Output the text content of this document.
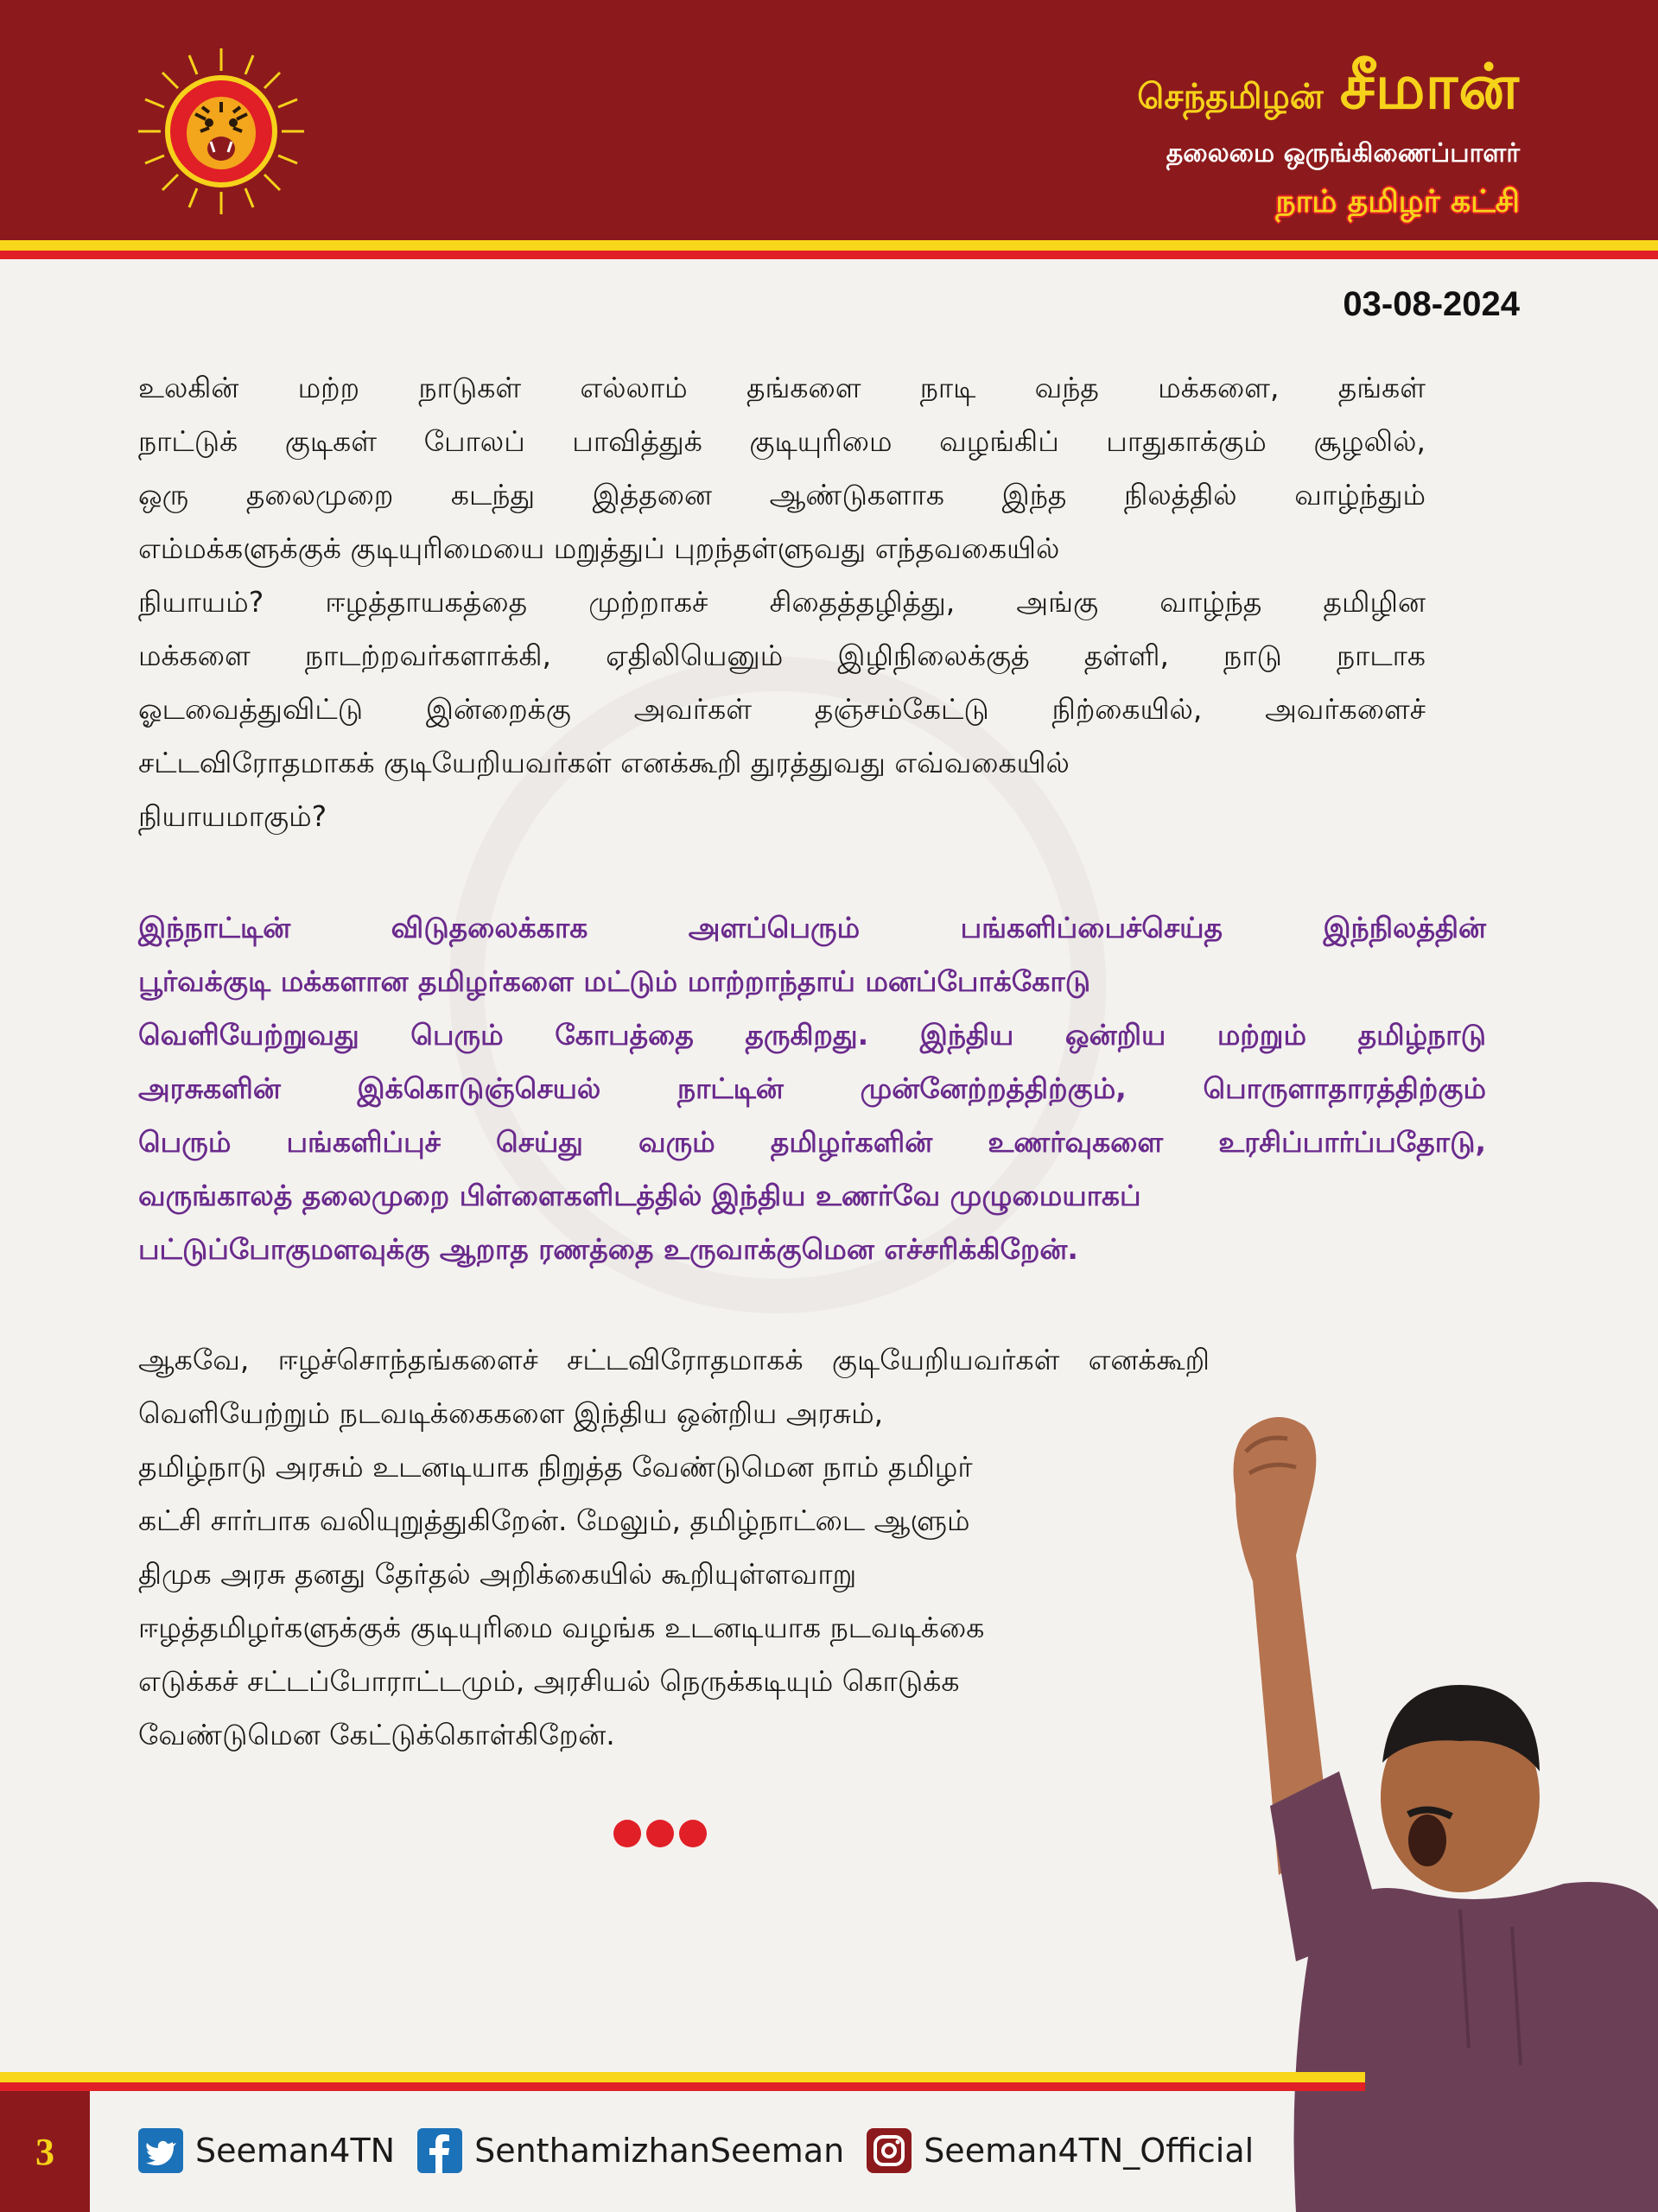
செந்தமிழன் சீமான்
தலைமை ஒருங்கிணைப்பாளர்
நாம் தமிழர் கட்சி
03-08-2024
உலகின் மற்ற நாடுகள் எல்லாம் தங்களை நாடி வந்த மக்களை, தங்கள்
நாட்டுக் குடிகள் போலப் பாவித்துக் குடியுரிமை வழங்கிப் பாதுகாக்கும் சூழலில்,
ஒரு தலைமுறை கடந்து இத்தனை ஆண்டுகளாக இந்த நிலத்தில் வாழ்ந்தும்
எம்மக்களுக்குக் குடியுரிமையை மறுத்துப் புறந்தள்ளுவது எந்தவகையில்
நியாயம்? ஈழத்தாயகத்தை முற்றாகச் சிதைத்தழித்து, அங்கு வாழ்ந்த தமிழின
மக்களை நாடற்றவர்களாக்கி, ஏதிலியெனும் இழிநிலைக்குத் தள்ளி, நாடு நாடாக
ஓடவைத்துவிட்டு இன்றைக்கு அவர்கள் தஞ்சம்கேட்டு நிற்கையில், அவர்களைச்
சட்டவிரோதமாகக் குடியேறியவர்கள் எனக்கூறி துரத்துவது எவ்வகையில்
நியாயமாகும்?
இந்நாட்டின் விடுதலைக்காக அளப்பெரும் பங்களிப்பைச்செய்த இந்நிலத்தின்
பூர்வக்குடி மக்களான தமிழர்களை மட்டும் மாற்றாந்தாய் மனப்போக்கோடு
வெளியேற்றுவது பெரும் கோபத்தை தருகிறது. இந்திய ஒன்றிய மற்றும் தமிழ்நாடு
அரசுகளின் இக்கொடுஞ்செயல் நாட்டின் முன்னேற்றத்திற்கும், பொருளாதாரத்திற்கும்
பெரும் பங்களிப்புச் செய்து வரும் தமிழர்களின் உணர்வுகளை உரசிப்பார்ப்பதோடு,
வருங்காலத் தலைமுறை பிள்ளைகளிடத்தில் இந்திய உணர்வே முழுமையாகப்
பட்டுப்போகுமளவுக்கு ஆறாத ரணத்தை உருவாக்குமென எச்சரிக்கிறேன்.
ஆகவே, ஈழச்சொந்தங்களைச் சட்டவிரோதமாகக் குடியேறியவர்கள் எனக்கூறி
வெளியேற்றும் நடவடிக்கைகளை இந்திய ஒன்றிய அரசும்,
தமிழ்நாடு அரசும் உடனடியாக நிறுத்த வேண்டுமென நாம் தமிழர்
கட்சி சார்பாக வலியுறுத்துகிறேன். மேலும், தமிழ்நாட்டை ஆளும்
திமுக அரசு தனது தேர்தல் அறிக்கையில் கூறியுள்ளவாறு
ஈழத்தமிழர்களுக்குக் குடியுரிமை வழங்க உடனடியாக நடவடிக்கை
எடுக்கச் சட்டப்போராட்டமும், அரசியல் நெருக்கடியும் கொடுக்க
வேண்டுமென கேட்டுக்கொள்கிறேன்.
3	Seeman4TN SenthamizhanSeeman Seeman4TN_Official
